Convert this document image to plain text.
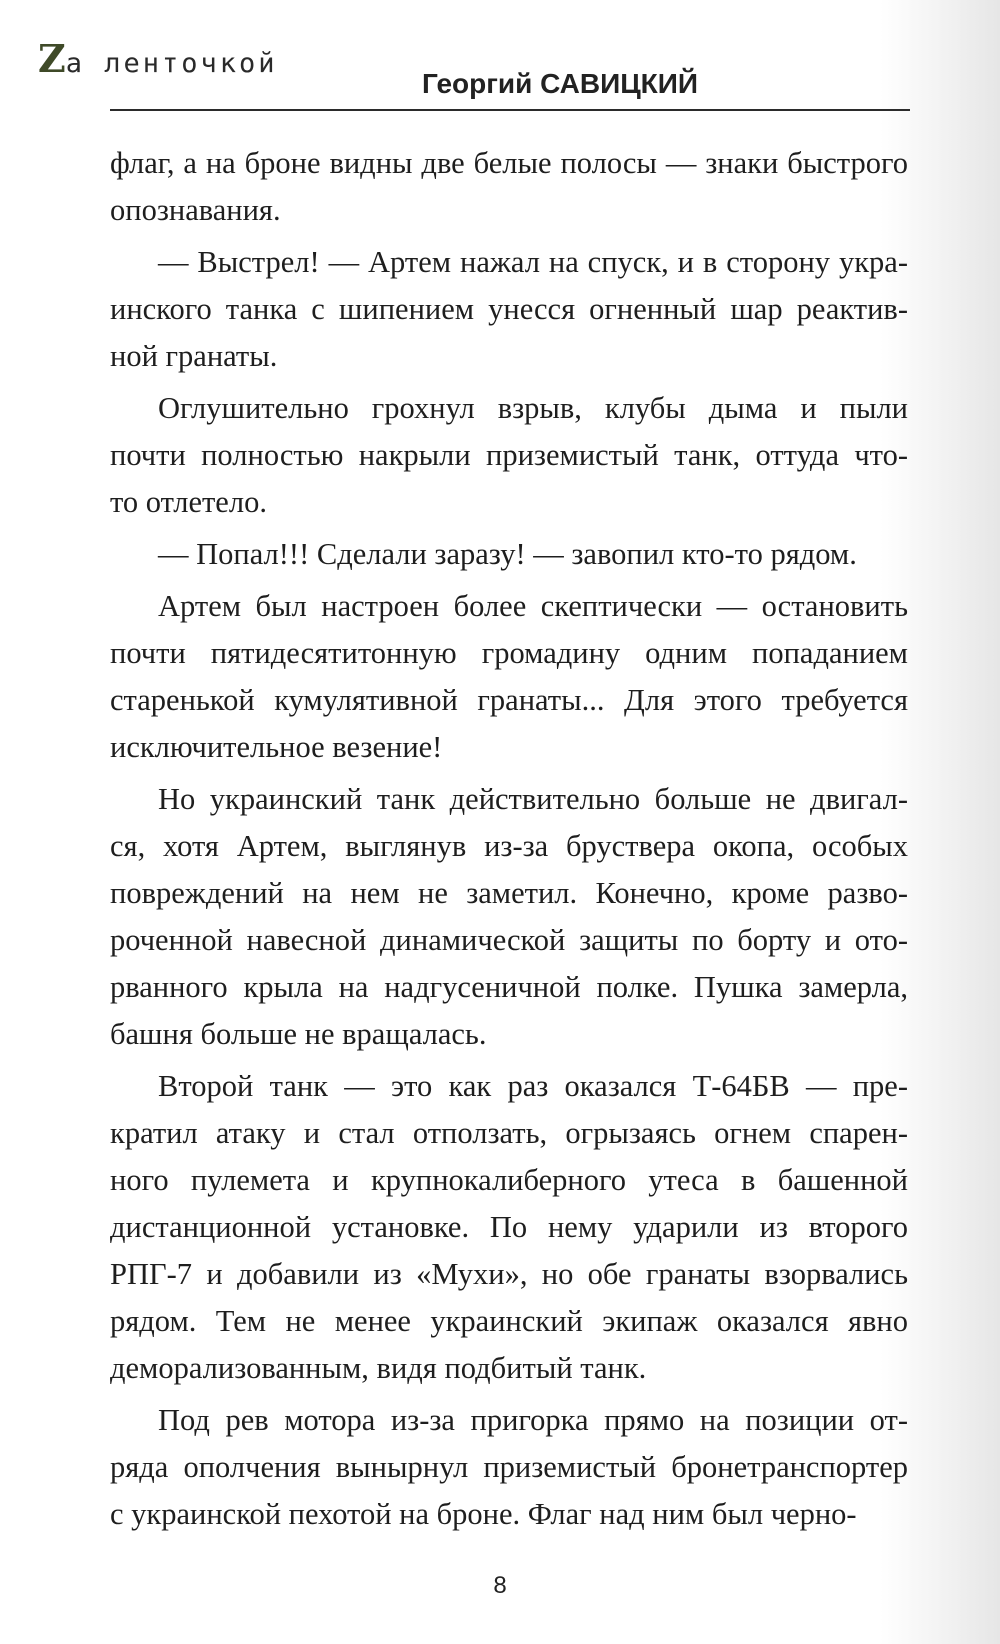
Zа ленточкой
Георгий САВИЦКИЙ
флаг, а на броне видны две белые полосы — знаки быстрого
опознавания.
— Выстрел! — Артем нажал на спуск, и в сторону укра-
инского танка с шипением унесся огненный шар реактив-
ной гранаты.
Оглушительно грохнул взрыв, клубы дыма и пыли
почти полностью накрыли приземистый танк, оттуда что-
то отлетело.
— Попал!!! Сделали заразу! — завопил кто-то рядом.
Артем был настроен более скептически — остановить
почти пятидесятитонную громадину одним попаданием
старенькой кумулятивной гранаты... Для этого требуется
исключительное везение!
Но украинский танк действительно больше не двигал-
ся, хотя Артем, выглянув из-за бруствера окопа, особых
повреждений на нем не заметил. Конечно, кроме разво-
роченной навесной динамической защиты по борту и ото-
рванного крыла на надгусеничной полке. Пушка замерла,
башня больше не вращалась.
Второй танк — это как раз оказался Т-64БВ — пре-
кратил атаку и стал отползать, огрызаясь огнем спарен-
ного пулемета и крупнокалиберного утеса в башенной
дистанционной установке. По нему ударили из второго
РПГ-7 и добавили из «Мухи», но обе гранаты взорвались
рядом. Тем не менее украинский экипаж оказался явно
деморализованным, видя подбитый танк.
Под рев мотора из-за пригорка прямо на позиции от-
ряда ополчения вынырнул приземистый бронетранспортер
с украинской пехотой на броне. Флаг над ним был черно-
8
